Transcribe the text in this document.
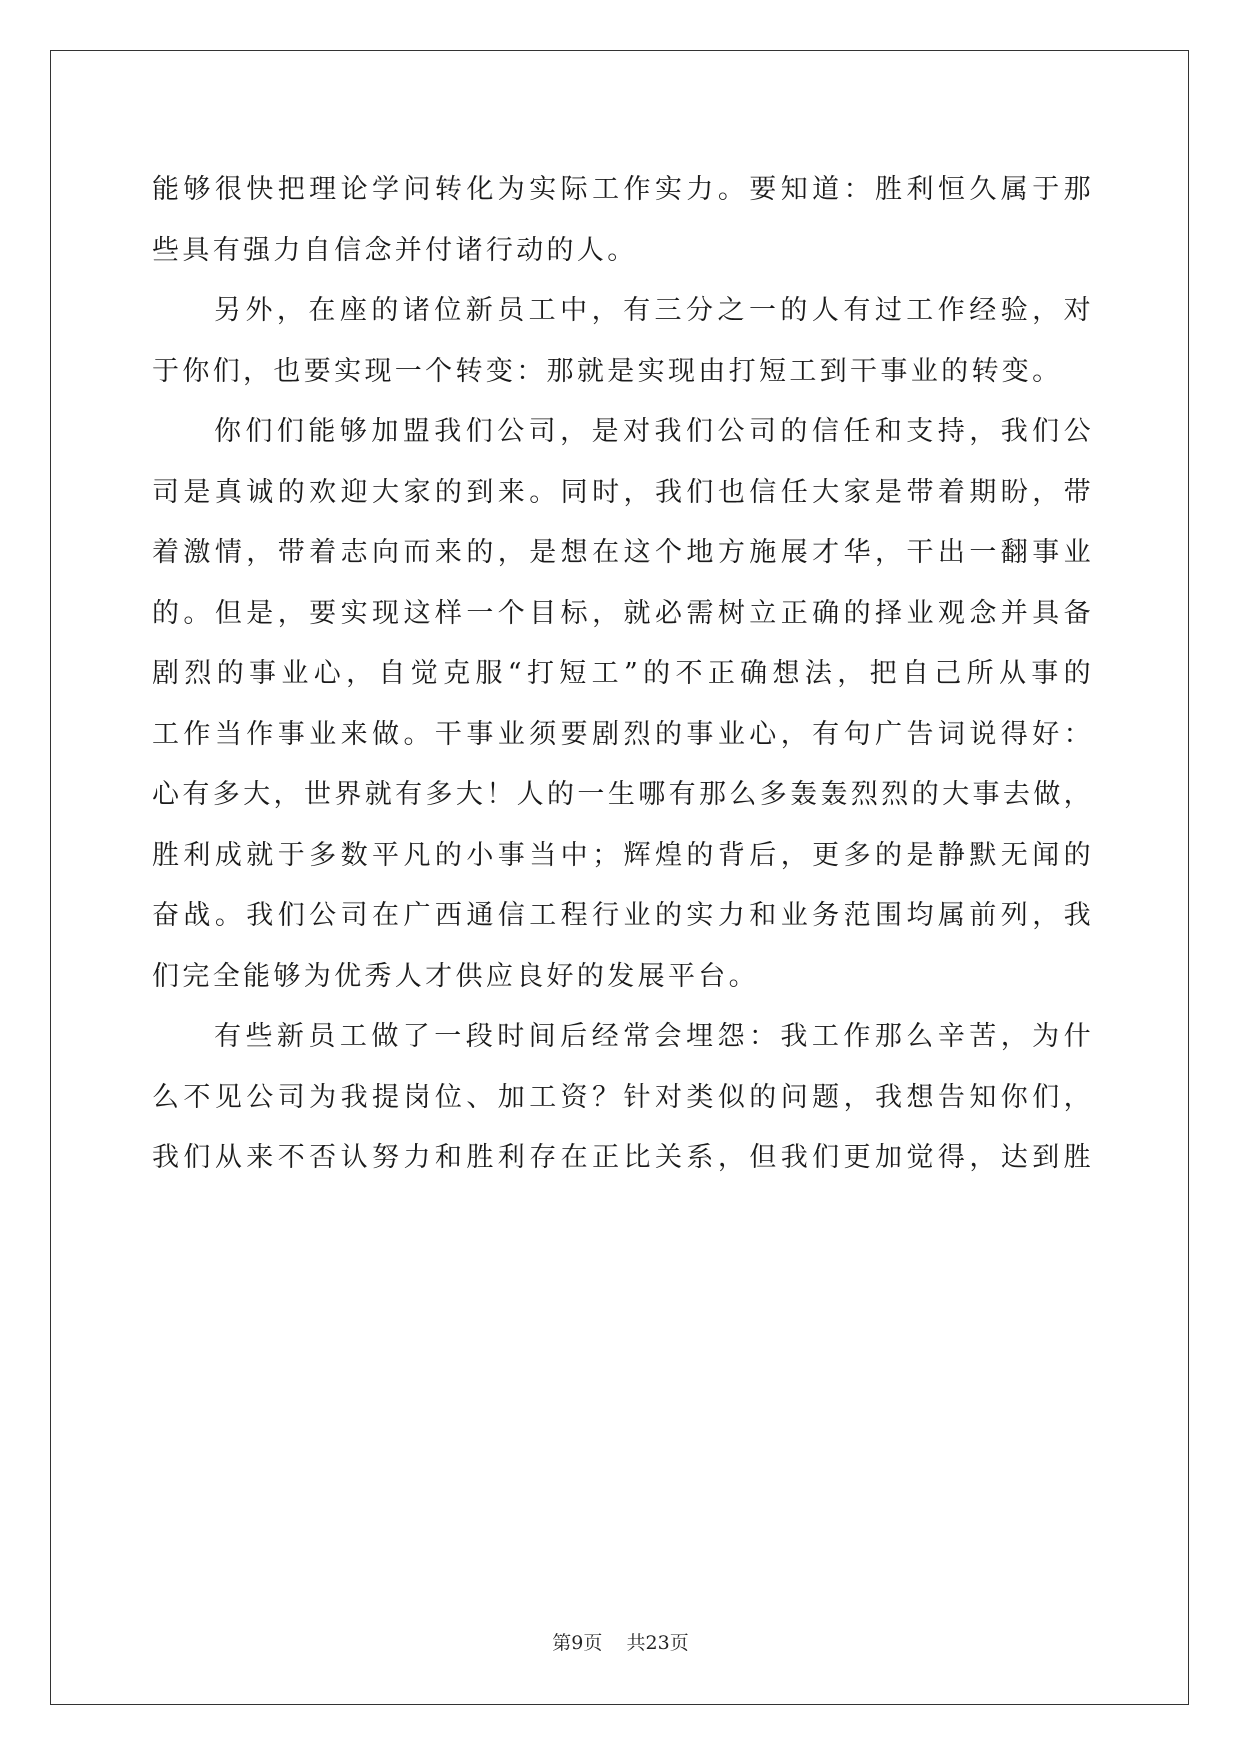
能够很快把理论学问转化为实际工作实力。要知道：胜利恒久属于那
些具有强力自信念并付诸行动的人。
另外，在座的诸位新员工中，有三分之一的人有过工作经验，对
于你们，也要实现一个转变：那就是实现由打短工到干事业的转变。
你们们能够加盟我们公司，是对我们公司的信任和支持，我们公
司是真诚的欢迎大家的到来。同时，我们也信任大家是带着期盼，带
着激情，带着志向而来的，是想在这个地方施展才华，干出一翻事业
的。但是，要实现这样一个目标，就必需树立正确的择业观念并具备
剧烈的事业心，自觉克服“打短工”的不正确想法，把自己所从事的
工作当作事业来做。干事业须要剧烈的事业心，有句广告词说得好：
心有多大，世界就有多大！人的一生哪有那么多轰轰烈烈的大事去做，
胜利成就于多数平凡的小事当中；辉煌的背后，更多的是静默无闻的
奋战。我们公司在广西通信工程行业的实力和业务范围均属前列，我
们完全能够为优秀人才供应良好的发展平台。
有些新员工做了一段时间后经常会埋怨：我工作那么辛苦，为什
么不见公司为我提岗位、加工资？针对类似的问题，我想告知你们，
我们从来不否认努力和胜利存在正比关系，但我们更加觉得，达到胜
第9页 共23页
